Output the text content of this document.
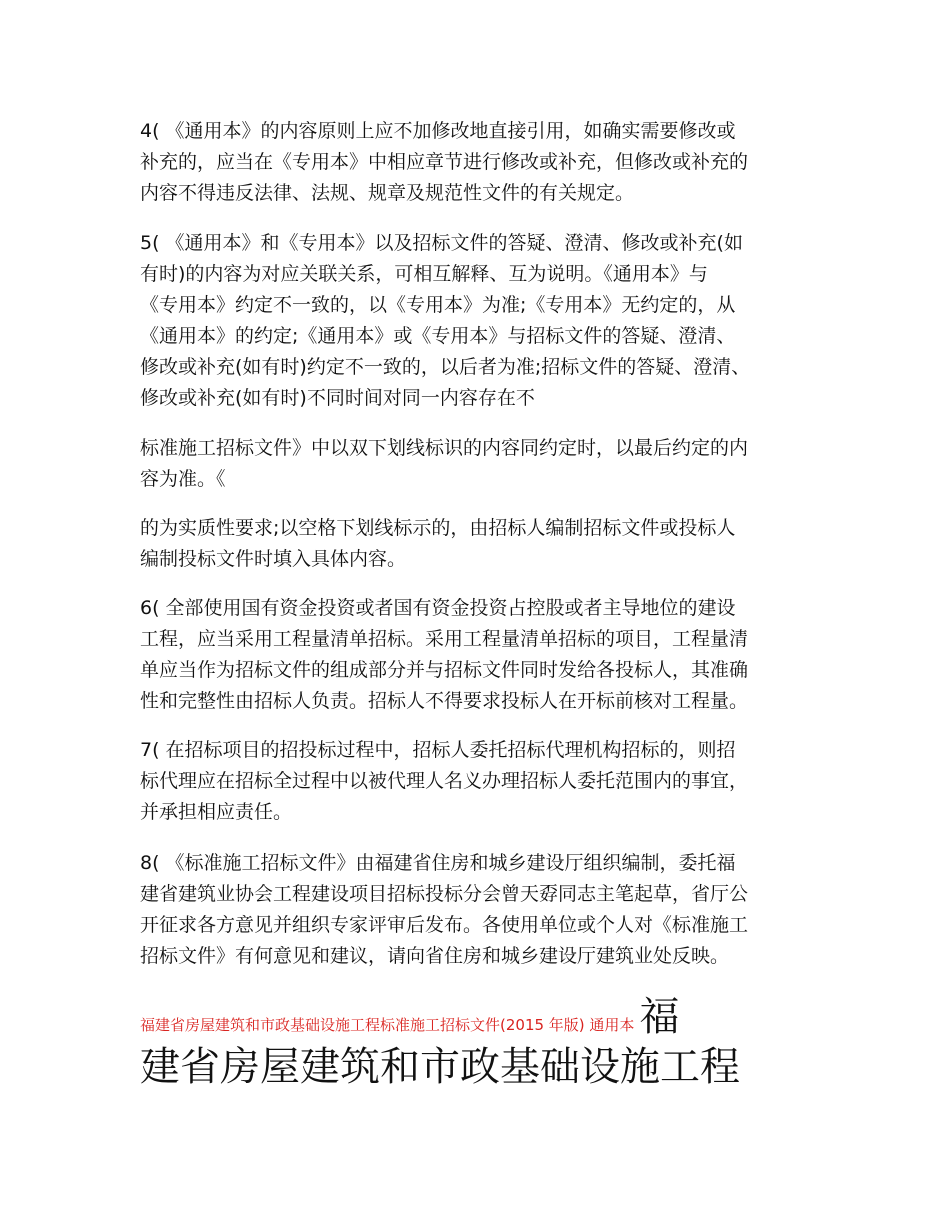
4( 《通用本》的内容原则上应不加修改地直接引用，如确实需要修改或
补充的，应当在《专用本》中相应章节进行修改或补充，但修改或补充的
内容不得违反法律、法规、规章及规范性文件的有关规定。
5( 《通用本》和《专用本》以及招标文件的答疑、澄清、修改或补充(如
有时)的内容为对应关联关系，可相互解释、互为说明。《通用本》与
《专用本》约定不一致的，以《专用本》为准;《专用本》无约定的，从
《通用本》的约定;《通用本》或《专用本》与招标文件的答疑、澄清、
修改或补充(如有时)约定不一致的，以后者为准;招标文件的答疑、澄清、
修改或补充(如有时)不同时间对同一内容存在不
标准施工招标文件》中以双下划线标识的内容同约定时，以最后约定的内
容为准。《
的为实质性要求;以空格下划线标示的，由招标人编制招标文件或投标人
编制投标文件时填入具体内容。
6( 全部使用国有资金投资或者国有资金投资占控股或者主导地位的建设
工程，应当采用工程量清单招标。采用工程量清单招标的项目，工程量清
单应当作为招标文件的组成部分并与招标文件同时发给各投标人，其准确
性和完整性由招标人负责。招标人不得要求投标人在开标前核对工程量。
7( 在招标项目的招投标过程中，招标人委托招标代理机构招标的，则招
标代理应在招标全过程中以被代理人名义办理招标人委托范围内的事宜，
并承担相应责任。
8( 《标准施工招标文件》由福建省住房和城乡建设厅组织编制，委托福
建省建筑业协会工程建设项目招标投标分会曾天孬同志主笔起草，省厅公
开征求各方意见并组织专家评审后发布。各使用单位或个人对《标准施工
招标文件》有何意见和建议，请向省住房和城乡建设厅建筑业处反映。
福建省房屋建筑和市政基础设施工程标准施工招标文件(2015 年版) 通用本 福
建省房屋建筑和市政基础设施工程
